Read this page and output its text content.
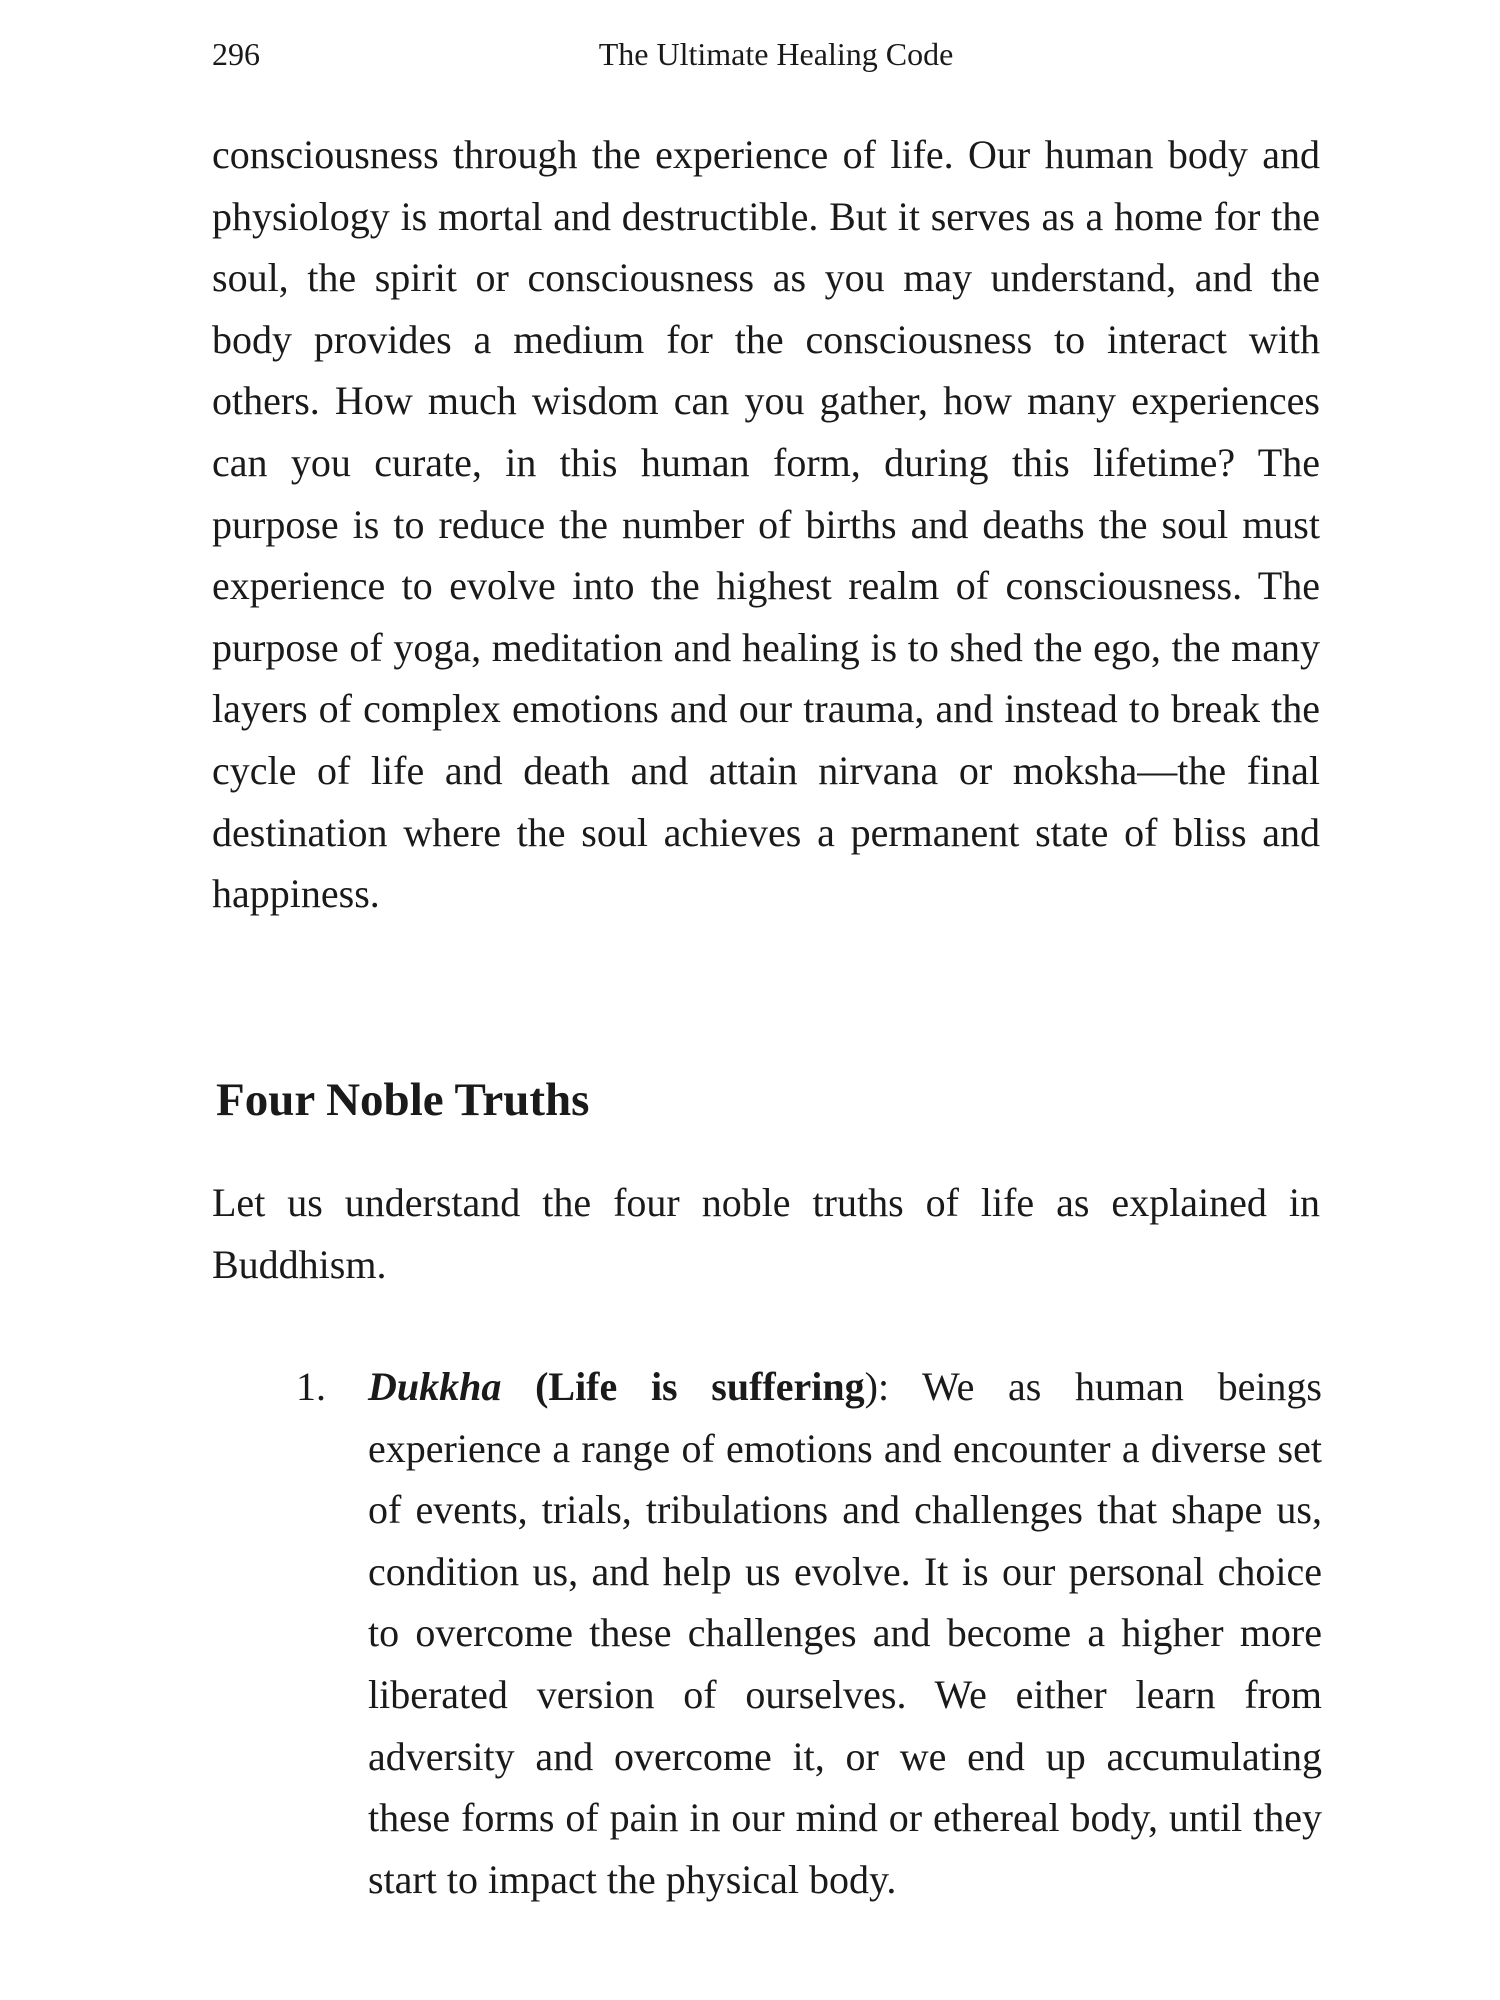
296	The Ultimate Healing Code

consciousness through the experience of life. Our human body and physiology is mortal and destructible. But it serves as a home for the soul, the spirit or consciousness as you may understand, and the body provides a medium for the consciousness to interact with others. How much wisdom can you gather, how many experiences can you curate, in this human form, during this lifetime? The purpose is to reduce the number of births and deaths the soul must experience to evolve into the highest realm of consciousness. The purpose of yoga, meditation and healing is to shed the ego, the many layers of complex emotions and our trauma, and instead to break the cycle of life and death and attain nirvana or moksha—the final destination where the soul achieves a permanent state of bliss and happiness.

Four Noble Truths

Let us understand the four noble truths of life as explained in Buddhism.

1. Dukkha (Life is suffering): We as human beings experience a range of emotions and encounter a diverse set of events, trials, tribulations and challenges that shape us, condition us, and help us evolve. It is our personal choice to overcome these challenges and become a higher more liberated version of ourselves. We either learn from adversity and overcome it, or we end up accumulating these forms of pain in our mind or ethereal body, until they start to impact the physical body.
